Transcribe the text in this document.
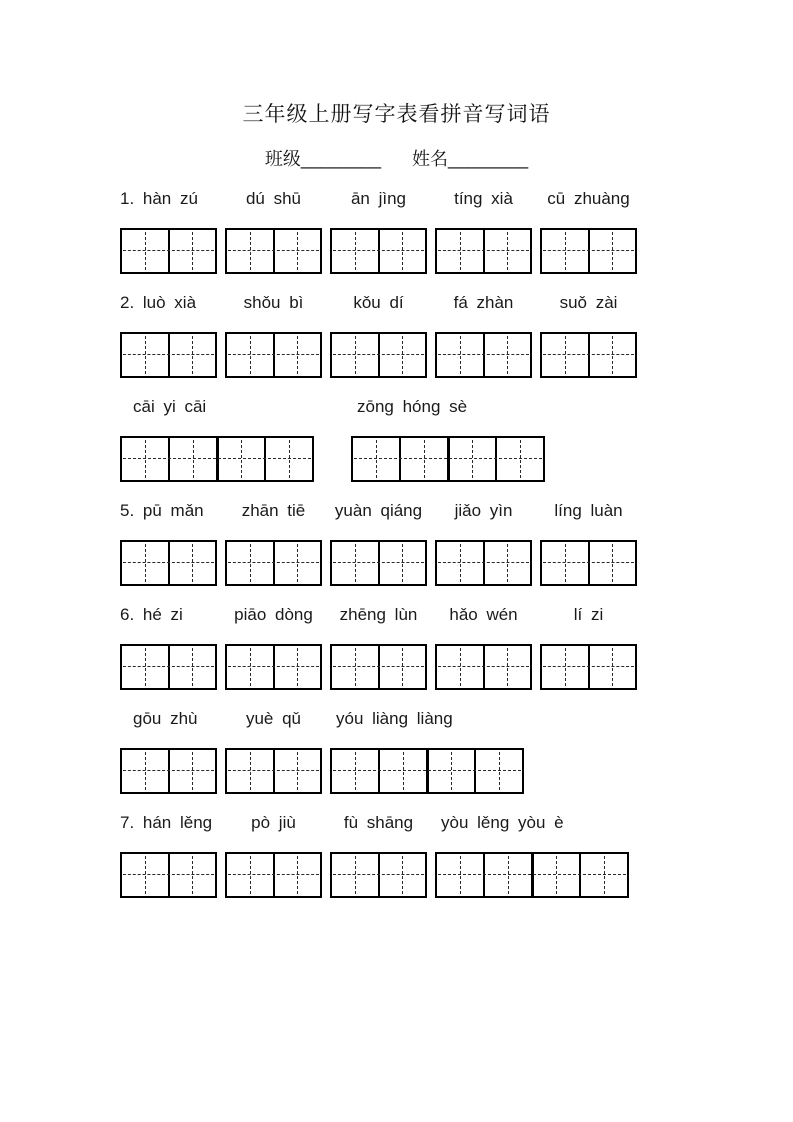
三年级上册写字表看拼音写词语
班级________ 姓名________
1. hàn zú	dú shū	ān jìng	tíng xià	cū zhuàng
2. luò xià	shǒu bì	kǒu dí	fá zhàn	suǒ zài
cāi yi cāi	zōng hóng sè
5. pū mǎn	zhān tiē	yuàn qiáng	jiǎo yìn	líng luàn
6. hé zi	piāo dòng	zhēng lùn	hǎo wén	lí zi
gōu zhù	yuè qǔ	yóu liàng liàng
7. hán lěng	pò jiù	fù shāng	yòu lěng yòu è
